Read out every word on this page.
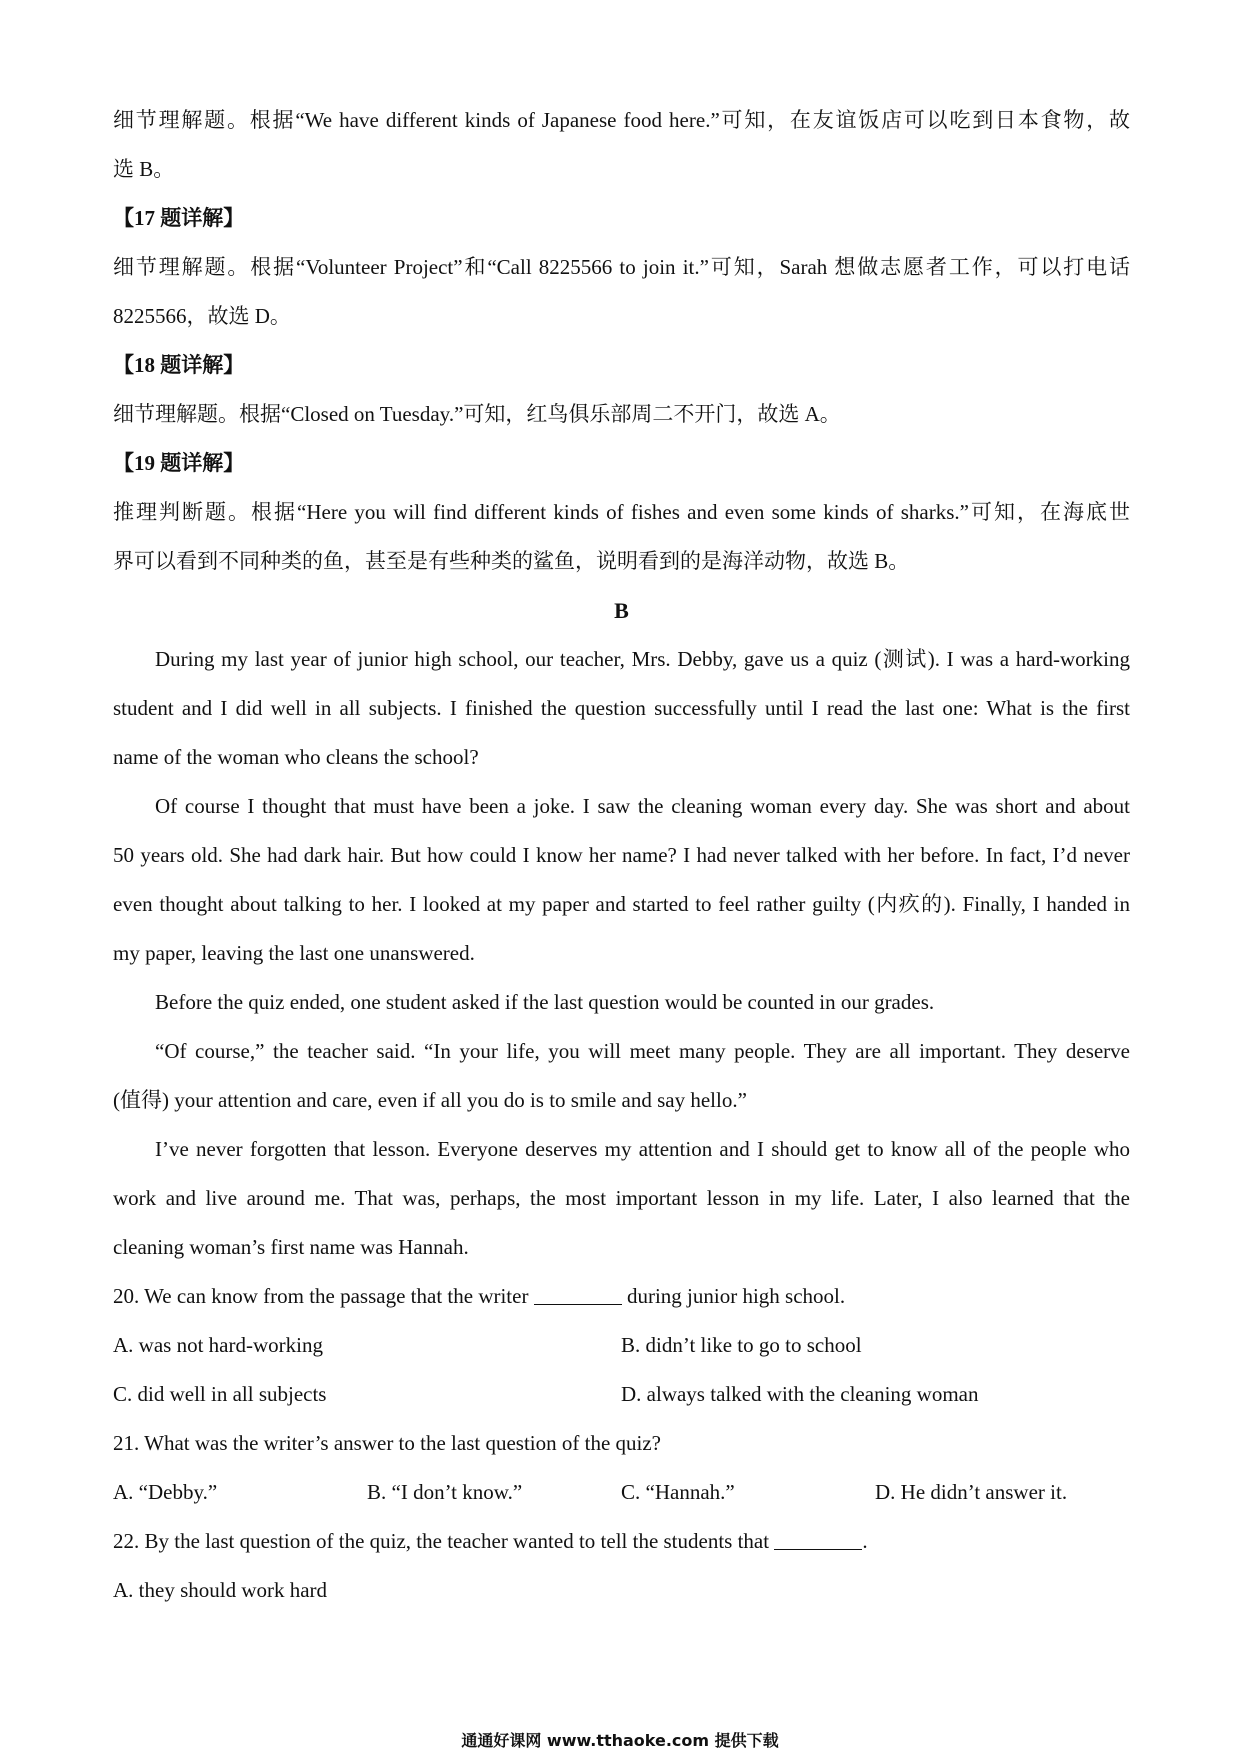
细节理解题。根据“We have different kinds of Japanese food here.”可知，在友谊饭店可以吃到日本食物，故
选 B。
【17 题详解】
细节理解题。根据“Volunteer Project”和“Call 8225566 to join it.”可知，Sarah 想做志愿者工作，可以打电话
8225566，故选 D。
【18 题详解】
细节理解题。根据“Closed on Tuesday.”可知，红鸟俱乐部周二不开门，故选 A。
【19 题详解】
推理判断题。根据“Here you will find different kinds of fishes and even some kinds of sharks.”可知，在海底世
界可以看到不同种类的鱼，甚至是有些种类的鲨鱼，说明看到的是海洋动物，故选 B。
B
During my last year of junior high school, our teacher, Mrs. Debby, gave us a quiz (测试). I was a hard-working
student and I did well in all subjects. I finished the question successfully until I read the last one: What is the first
name of the woman who cleans the school?
Of course I thought that must have been a joke. I saw the cleaning woman every day. She was short and about
50 years old. She had dark hair. But how could I know her name? I had never talked with her before. In fact, I’d never
even thought about talking to her. I looked at my paper and started to feel rather guilty (内疚的). Finally, I handed in
my paper, leaving the last one unanswered.
Before the quiz ended, one student asked if the last question would be counted in our grades.
“Of course,” the teacher said. “In your life, you will meet many people. They are all important. They deserve
(值得) your attention and care, even if all you do is to smile and say hello.”
I’ve never forgotten that lesson. Everyone deserves my attention and I should get to know all of the people who
work and live around me. That was, perhaps, the most important lesson in my life. Later, I also learned that the
cleaning woman’s first name was Hannah.
20. We can know from the passage that the writer	during junior high school.
A. was not hard-working	B. didn’t like to go to school
C. did well in all subjects	D. always talked with the cleaning woman
21. What was the writer’s answer to the last question of the quiz?
A. “Debby.”	B. “I don’t know.”	C. “Hannah.”	D. He didn’t answer it.
22. By the last question of the quiz, the teacher wanted to tell the students that	.
A. they should work hard
通通好课网 www.tthaoke.com 提供下载
